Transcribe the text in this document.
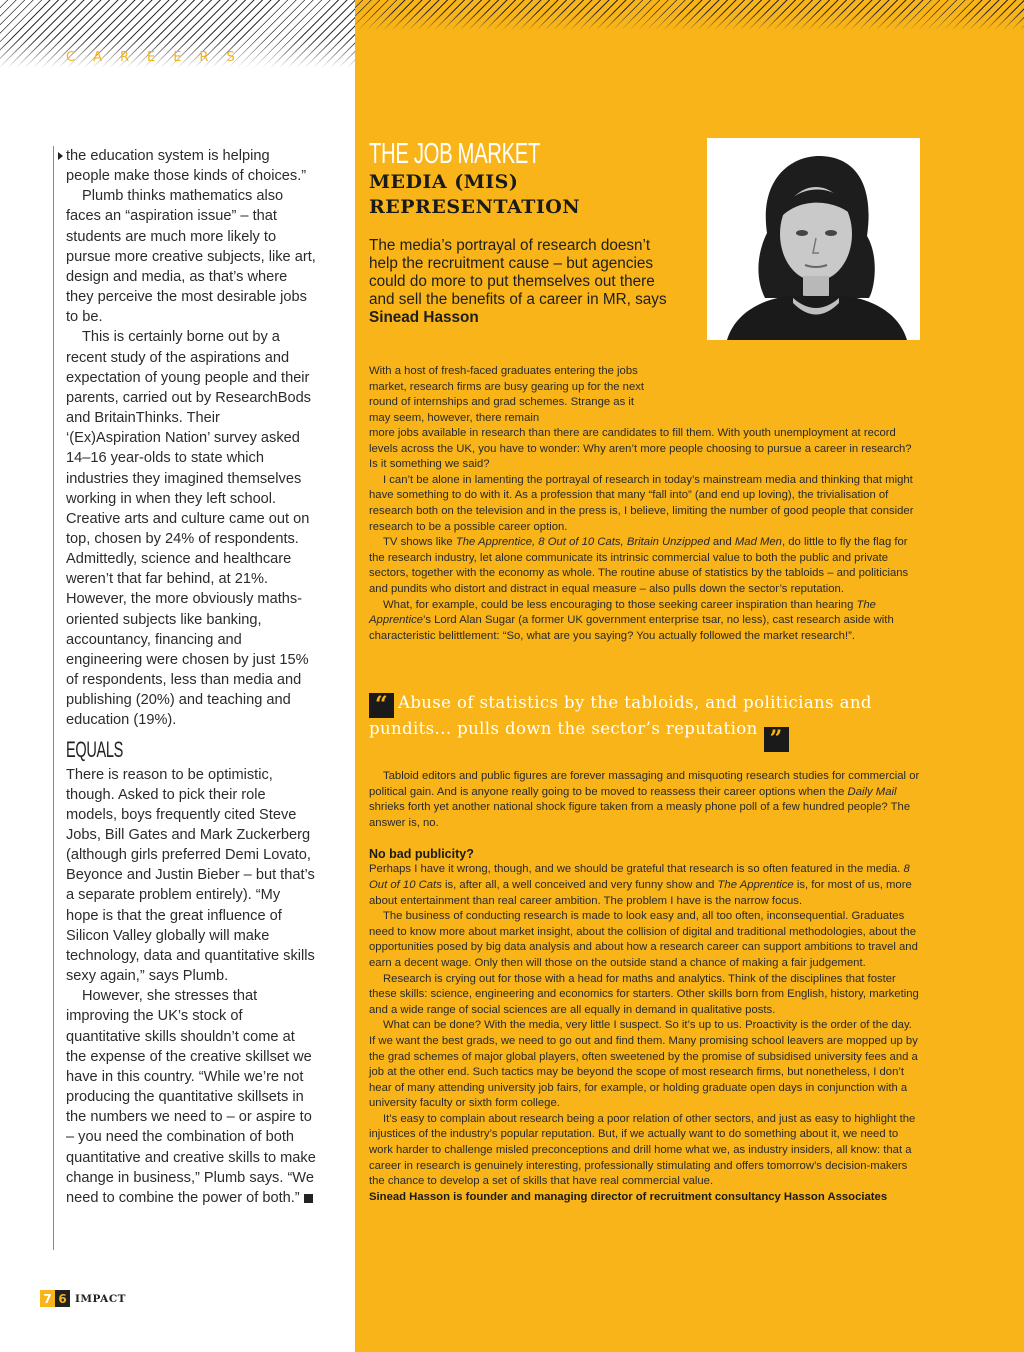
CAREERS

the education system is helping people make those kinds of choices.”

Plumb thinks mathematics also faces an “aspiration issue” – that students are much more likely to pursue more creative subjects, like art, design and media, as that’s where they perceive the most desirable jobs to be.

This is certainly borne out by a recent study of the aspirations and expectation of young people and their parents, carried out by ResearchBods and BritainThinks. Their ‘(Ex)Aspiration Nation’ survey asked 14–16 year-olds to state which industries they imagined themselves working in when they left school. Creative arts and culture came out on top, chosen by 24% of respondents. Admittedly, science and healthcare weren’t that far behind, at 21%. However, the more obviously maths-oriented subjects like banking, accountancy, financing and engineering were chosen by just 15% of respondents, less than media and publishing (20%) and teaching and education (19%).

EQUALS

There is reason to be optimistic, though. Asked to pick their role models, boys frequently cited Steve Jobs, Bill Gates and Mark Zuckerberg (although girls preferred Demi Lovato, Beyonce and Justin Bieber – but that’s a separate problem entirely). “My hope is that the great influence of Silicon Valley globally will make technology, data and quantitative skills sexy again,” says Plumb.

However, she stresses that improving the UK’s stock of quantitative skills shouldn’t come at the expense of the creative skillset we have in this country. “While we’re not producing the quantitative skillsets in the numbers we need to – or aspire to – you need the combination of both quantitative and creative skills to make change in business,” Plumb says. “We need to combine the power of both.”

THE JOB MARKET
MEDIA (MIS) REPRESENTATION
The media’s portrayal of research doesn’t help the recruitment cause – but agencies could do more to put themselves out there and sell the benefits of a career in MR, says Sinead Hasson

With a host of fresh-faced graduates entering the jobs market, research firms are busy gearing up for the next round of internships and grad schemes. Strange as it may seem, however, there remain

more jobs available in research than there are candidates to fill them. With youth unemployment at record levels across the UK, you have to wonder: Why aren’t more people choosing to pursue a career in research? Is it something we said?

I can’t be alone in lamenting the portrayal of research in today’s mainstream media and thinking that might have something to do with it. As a profession that many “fall into” (and end up loving), the trivialisation of research both on the television and in the press is, I believe, limiting the number of good people that consider research to be a possible career option.

TV shows like The Apprentice, 8 Out of 10 Cats, Britain Unzipped and Mad Men, do little to fly the flag for the research industry, let alone communicate its intrinsic commercial value to both the public and private sectors, together with the economy as whole. The routine abuse of statistics by the tabloids – and politicians and pundits who distort and distract in equal measure – also pulls down the sector’s reputation.

What, for example, could be less encouraging to those seeking career inspiration than hearing The Apprentice’s Lord Alan Sugar (a former UK government enterprise tsar, no less), cast research aside with characteristic belittlement: “So, what are you saying? You actually followed the market research!”.

“ Abuse of statistics by the tabloids, and politicians and pundits... pulls down the sector’s reputation ”

Tabloid editors and public figures are forever massaging and misquoting research studies for commercial or political gain. And is anyone really going to be moved to reassess their career options when the Daily Mail shrieks forth yet another national shock figure taken from a measly phone poll of a few hundred people? The answer is, no.

No bad publicity?

Perhaps I have it wrong, though, and we should be grateful that research is so often featured in the media. 8 Out of 10 Cats is, after all, a well conceived and very funny show and The Apprentice is, for most of us, more about entertainment than real career ambition. The problem I have is the narrow focus.

The business of conducting research is made to look easy and, all too often, inconsequential. Graduates need to know more about market insight, about the collision of digital and traditional methodologies, about the opportunities posed by big data analysis and about how a research career can support ambitions to travel and earn a decent wage. Only then will those on the outside stand a chance of making a fair judgement.

Research is crying out for those with a head for maths and analytics. Think of the disciplines that foster these skills: science, engineering and economics for starters. Other skills born from English, history, marketing and a wide range of social sciences are all equally in demand in qualitative posts.

What can be done? With the media, very little I suspect. So it’s up to us. Proactivity is the order of the day. If we want the best grads, we need to go out and find them. Many promising school leavers are mopped up by the grad schemes of major global players, often sweetened by the promise of subsidised university fees and a job at the other end. Such tactics may be beyond the scope of most research firms, but nonetheless, I don’t hear of many attending university job fairs, for example, or holding graduate open days in conjunction with a university faculty or sixth form college.

It’s easy to complain about research being a poor relation of other sectors, and just as easy to highlight the injustices of the industry’s popular reputation. But, if we actually want to do something about it, we need to work harder to challenge misled preconceptions and drill home what we, as industry insiders, all know: that a career in research is genuinely interesting, professionally stimulating and offers tomorrow’s decision-makers the chance to develop a set of skills that have real commercial value.

Sinead Hasson is founder and managing director of recruitment consultancy Hasson Associates

7 6 IMPACT
